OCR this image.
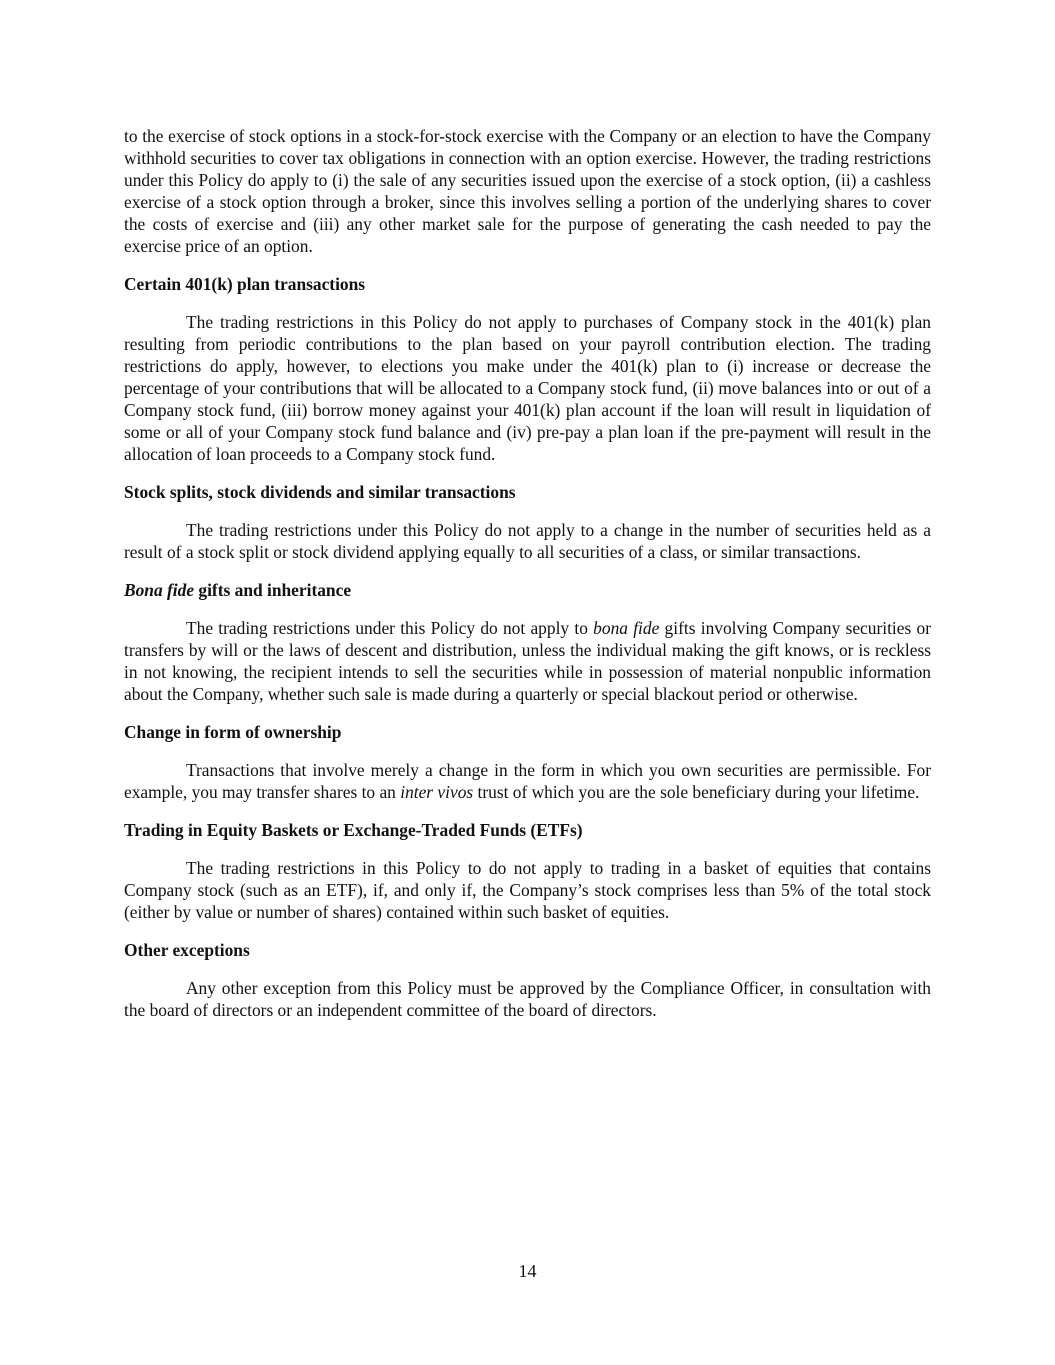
to the exercise of stock options in a stock-for-stock exercise with the Company or an election to have the Company withhold securities to cover tax obligations in connection with an option exercise. However, the trading restrictions under this Policy do apply to (i) the sale of any securities issued upon the exercise of a stock option, (ii) a cashless exercise of a stock option through a broker, since this involves selling a portion of the underlying shares to cover the costs of exercise and (iii) any other market sale for the purpose of generating the cash needed to pay the exercise price of an option.

Certain 401(k) plan transactions

The trading restrictions in this Policy do not apply to purchases of Company stock in the 401(k) plan resulting from periodic contributions to the plan based on your payroll contribution election. The trading restrictions do apply, however, to elections you make under the 401(k) plan to (i) increase or decrease the percentage of your contributions that will be allocated to a Company stock fund, (ii) move balances into or out of a Company stock fund, (iii) borrow money against your 401(k) plan account if the loan will result in liquidation of some or all of your Company stock fund balance and (iv) pre-pay a plan loan if the pre-payment will result in the allocation of loan proceeds to a Company stock fund.

Stock splits, stock dividends and similar transactions

The trading restrictions under this Policy do not apply to a change in the number of securities held as a result of a stock split or stock dividend applying equally to all securities of a class, or similar transactions.

Bona fide gifts and inheritance

The trading restrictions under this Policy do not apply to bona fide gifts involving Company securities or transfers by will or the laws of descent and distribution, unless the individual making the gift knows, or is reckless in not knowing, the recipient intends to sell the securities while in possession of material nonpublic information about the Company, whether such sale is made during a quarterly or special blackout period or otherwise.

Change in form of ownership

Transactions that involve merely a change in the form in which you own securities are permissible. For example, you may transfer shares to an inter vivos trust of which you are the sole beneficiary during your lifetime.

Trading in Equity Baskets or Exchange-Traded Funds (ETFs)

The trading restrictions in this Policy to do not apply to trading in a basket of equities that contains Company stock (such as an ETF), if, and only if, the Company’s stock comprises less than 5% of the total stock (either by value or number of shares) contained within such basket of equities.

Other exceptions

Any other exception from this Policy must be approved by the Compliance Officer, in consultation with the board of directors or an independent committee of the board of directors.

14
